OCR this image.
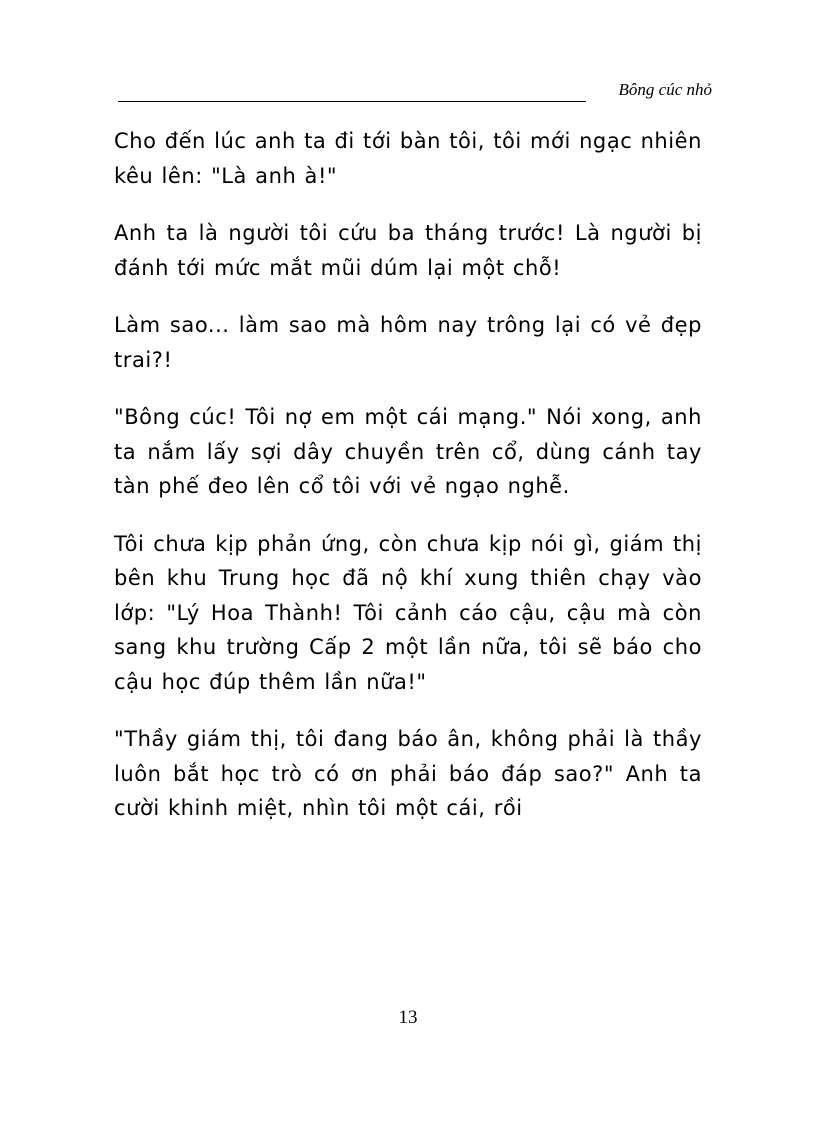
Bông cúc nhỏ

Cho đến lúc anh ta đi tới bàn tôi, tôi mới ngạc nhiên kêu lên: "Là anh à!"

Anh ta là người tôi cứu ba tháng trước! Là người bị đánh tới mức mắt mũi dúm lại một chỗ!

Làm sao... làm sao mà hôm nay trông lại có vẻ đẹp trai?!

"Bông cúc! Tôi nợ em một cái mạng." Nói xong, anh ta nắm lấy sợi dây chuyền trên cổ, dùng cánh tay tàn phế đeo lên cổ tôi với vẻ ngạo nghễ.

Tôi chưa kịp phản ứng, còn chưa kịp nói gì, giám thị bên khu Trung học đã nộ khí xung thiên chạy vào lớp: "Lý Hoa Thành! Tôi cảnh cáo cậu, cậu mà còn sang khu trường Cấp 2 một lần nữa, tôi sẽ báo cho cậu học đúp thêm lần nữa!"

"Thầy giám thị, tôi đang báo ân, không phải là thầy luôn bắt học trò có ơn phải báo đáp sao?" Anh ta cười khinh miệt, nhìn tôi một cái, rồi

13
